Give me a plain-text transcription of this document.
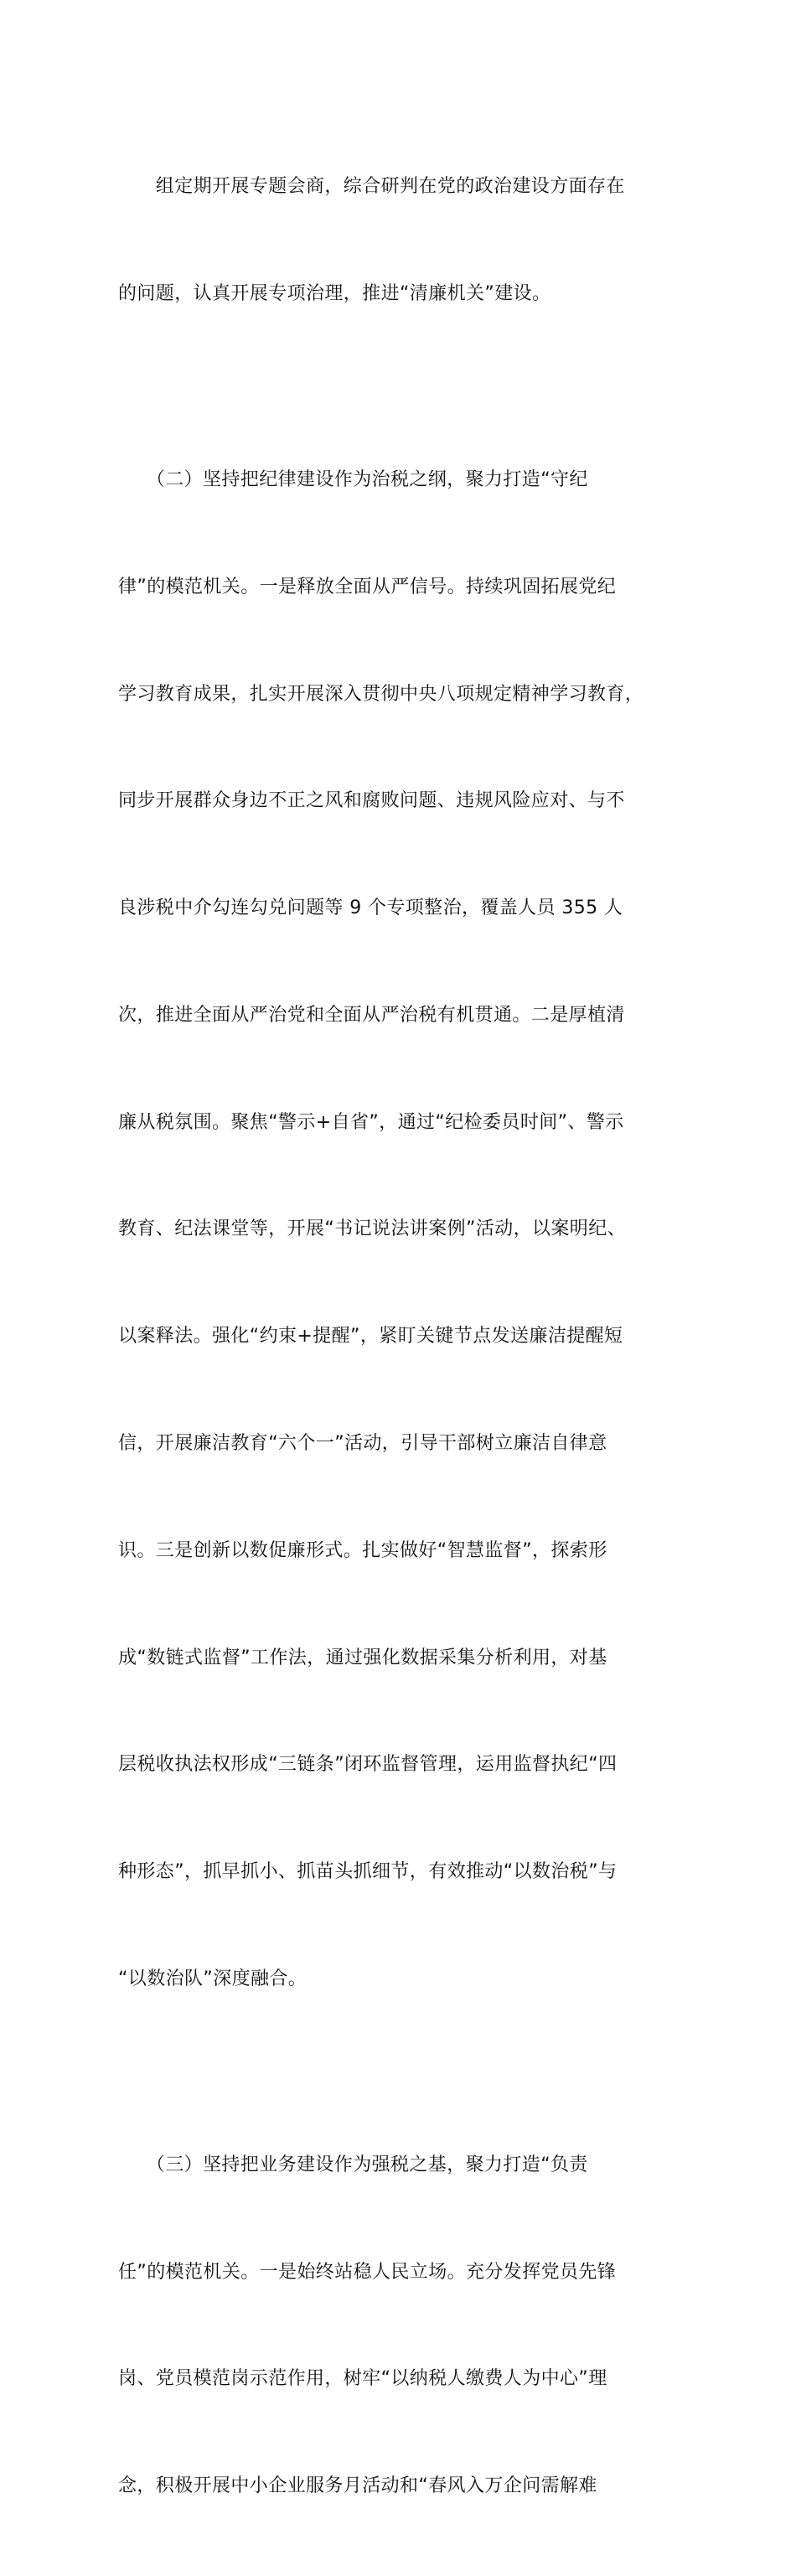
　　组定期开展专题会商，综合研判在党的政治建设方面存在

的问题，认真开展专项治理，推进“清廉机关”建设。

　　（二）坚持把纪律建设作为治税之纲，聚力打造“守纪

律”的模范机关。一是释放全面从严信号。持续巩固拓展党纪

学习教育成果，扎实开展深入贯彻中央八项规定精神学习教育，

同步开展群众身边不正之风和腐败问题、违规风险应对、与不

良涉税中介勾连勾兑问题等 9 个专项整治，覆盖人员 355 人

次，推进全面从严治党和全面从严治税有机贯通。二是厚植清

廉从税氛围。聚焦“警示+自省”，通过“纪检委员时间”、警示

教育、纪法课堂等，开展“书记说法讲案例”活动，以案明纪、

以案释法。强化“约束+提醒”，紧盯关键节点发送廉洁提醒短

信，开展廉洁教育“六个一”活动，引导干部树立廉洁自律意

识。三是创新以数促廉形式。扎实做好“智慧监督”，探索形

成“数链式监督”工作法，通过强化数据采集分析利用，对基

层税收执法权形成“三链条”闭环监督管理，运用监督执纪“四

种形态”，抓早抓小、抓苗头抓细节，有效推动“以数治税”与

“以数治队”深度融合。

　　（三）坚持把业务建设作为强税之基，聚力打造“负责

任”的模范机关。一是始终站稳人民立场。充分发挥党员先锋

岗、党员模范岗示范作用，树牢“以纳税人缴费人为中心”理

念，积极开展中小企业服务月活动和“春风入万企问需解难
